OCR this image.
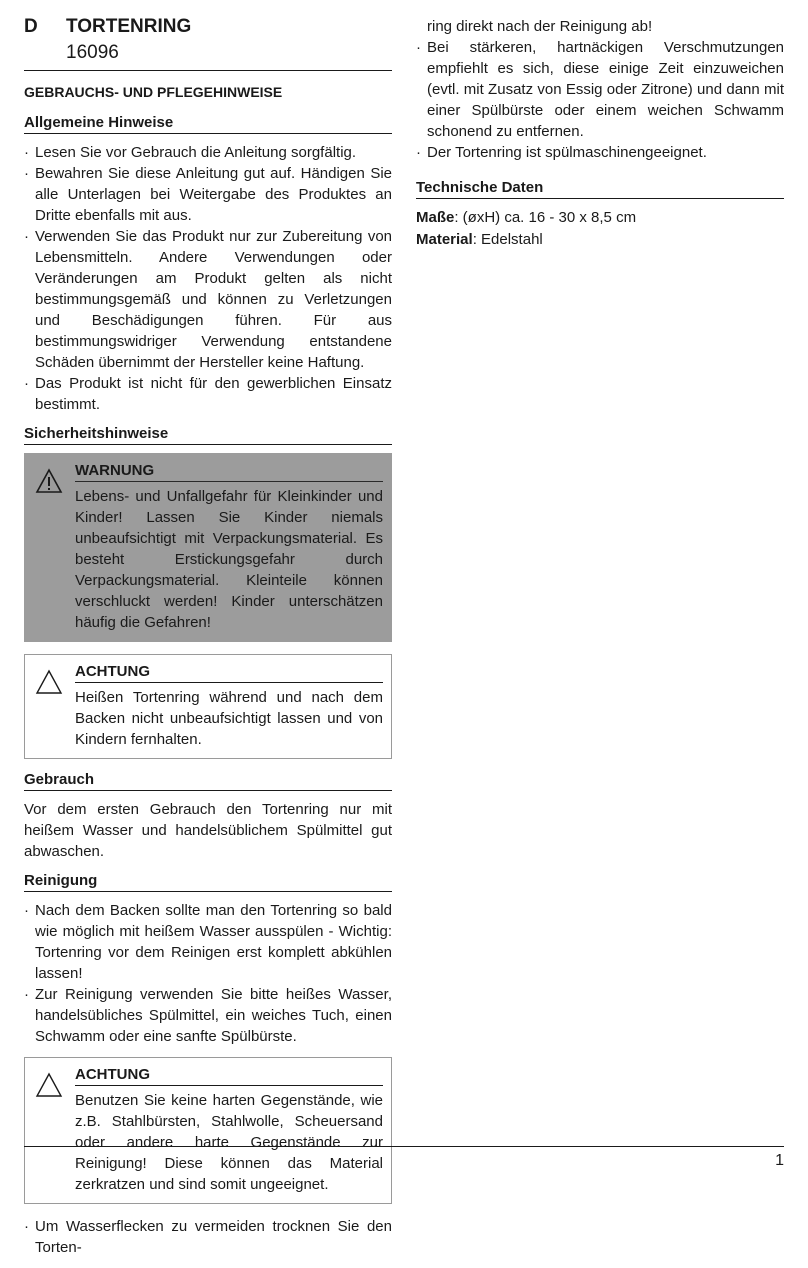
D TORTENRING
16096
GEBRAUCHS- UND PFLEGEHINWEISE
Allgemeine Hinweise
· Lesen Sie vor Gebrauch die Anleitung sorgfältig.
· Bewahren Sie diese Anleitung gut auf. Händigen Sie alle Unterlagen bei Weitergabe des Produktes an Dritte ebenfalls mit aus.
· Verwenden Sie das Produkt nur zur Zubereitung von Lebensmitteln. Andere Verwendungen oder Veränderungen am Produkt gelten als nicht bestimmungsgemäß und können zu Verletzungen und Beschädigungen führen. Für aus bestimmungswidriger Verwendung entstandene Schäden übernimmt der Hersteller keine Haftung.
· Das Produkt ist nicht für den gewerblichen Einsatz bestimmt.
Sicherheitshinweise
WARNUNG
Lebens- und Unfallgefahr für Kleinkinder und Kinder! Lassen Sie Kinder niemals unbeaufsichtigt mit Verpackungsmaterial. Es besteht Erstickungsgefahr durch Verpackungsmaterial. Kleinteile können verschluckt werden! Kinder unterschätzen häufig die Gefahren!
ACHTUNG
Heißen Tortenring während und nach dem Backen nicht unbeaufsichtigt lassen und von Kindern fernhalten.
Gebrauch

Vor dem ersten Gebrauch den Tortenring nur mit heißem Wasser und handelsüblichem Spülmittel gut abwaschen.

Reinigung
· Nach dem Backen sollte man den Tortenring so bald wie möglich mit heißem Wasser ausspülen - Wichtig: Tortenring vor dem Reinigen erst komplett abkühlen lassen!
· Zur Reinigung verwenden Sie bitte heißes Wasser, handelsübliches Spülmittel, ein weiches Tuch, einen Schwamm oder eine sanfte Spülbürste.
ACHTUNG
Benutzen Sie keine harten Gegenstände, wie z.B. Stahlbürsten, Stahlwolle, Scheuersand oder andere harte Gegenstände zur Reinigung! Diese können das Material zerkratzen und sind somit ungeeignet.
· Um Wasserflecken zu vermeiden trocknen Sie den Torten-
ring direkt nach der Reinigung ab!
· Bei stärkeren, hartnäckigen Verschmutzungen empfiehlt es sich, diese einige Zeit einzuweichen (evtl. mit Zusatz von Essig oder Zitrone) und dann mit einer Spülbürste oder einem weichen Schwamm schonend zu entfernen.
· Der Tortenring ist spülmaschinengeeignet.
Technische Daten

Maße: (øxH) ca. 16 - 30 x 8,5 cm

Material: Edelstahl

1
